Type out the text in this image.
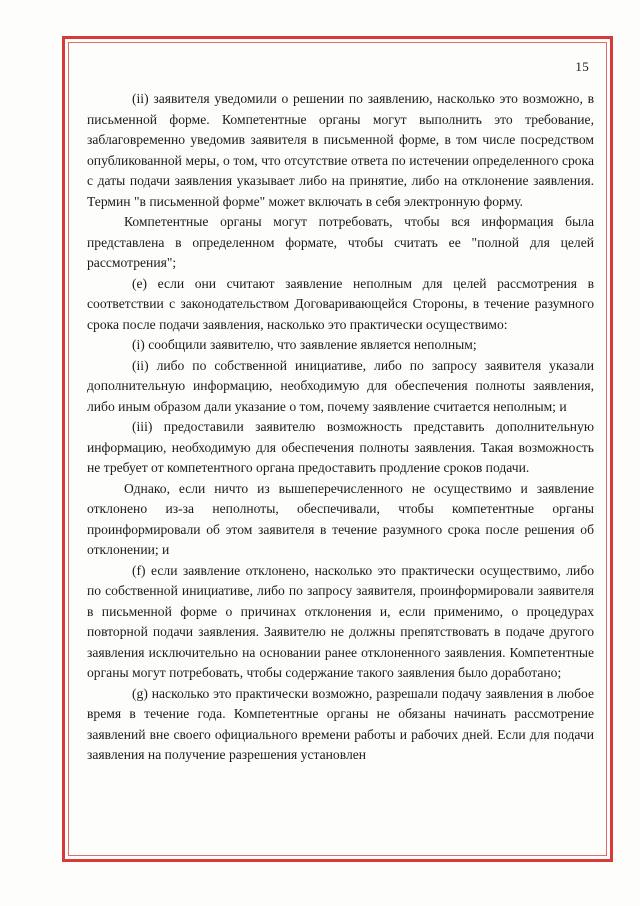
15

(ii) заявителя уведомили о решении по заявлению, насколько это возможно, в письменной форме. Компетентные органы могут выполнить это требование, заблаговременно уведомив заявителя в письменной форме, в том числе посредством опубликованной меры, о том, что отсутствие ответа по истечении определенного срока с даты подачи заявления указывает либо на принятие, либо на отклонение заявления. Термин "в письменной форме" может включать в себя электронную форму.

Компетентные органы могут потребовать, чтобы вся информация была представлена в определенном формате, чтобы считать ее "полной для целей рассмотрения";

(e) если они считают заявление неполным для целей рассмотрения в соответствии с законодательством Договаривающейся Стороны, в течение разумного срока после подачи заявления, насколько это практически осуществимо:

(i) сообщили заявителю, что заявление является неполным;

(ii) либо по собственной инициативе, либо по запросу заявителя указали дополнительную информацию, необходимую для обеспечения полноты заявления, либо иным образом дали указание о том, почему заявление считается неполным; и

(iii) предоставили заявителю возможность представить дополнительную информацию, необходимую для обеспечения полноты заявления. Такая возможность не требует от компетентного органа предоставить продление сроков подачи.

Однако, если ничто из вышеперечисленного не осуществимо и заявление отклонено из-за неполноты, обеспечивали, чтобы компетентные органы проинформировали об этом заявителя в течение разумного срока после решения об отклонении; и

(f) если заявление отклонено, насколько это практически осуществимо, либо по собственной инициативе, либо по запросу заявителя, проинформировали заявителя в письменной форме о причинах отклонения и, если применимо, о процедурах повторной подачи заявления. Заявителю не должны препятствовать в подаче другого заявления исключительно на основании ранее отклоненного заявления. Компетентные органы могут потребовать, чтобы содержание такого заявления было доработано;

(g) насколько это практически возможно, разрешали подачу заявления в любое время в течение года. Компетентные органы не обязаны начинать рассмотрение заявлений вне своего официального времени работы и рабочих дней. Если для подачи заявления на получение разрешения установлен
